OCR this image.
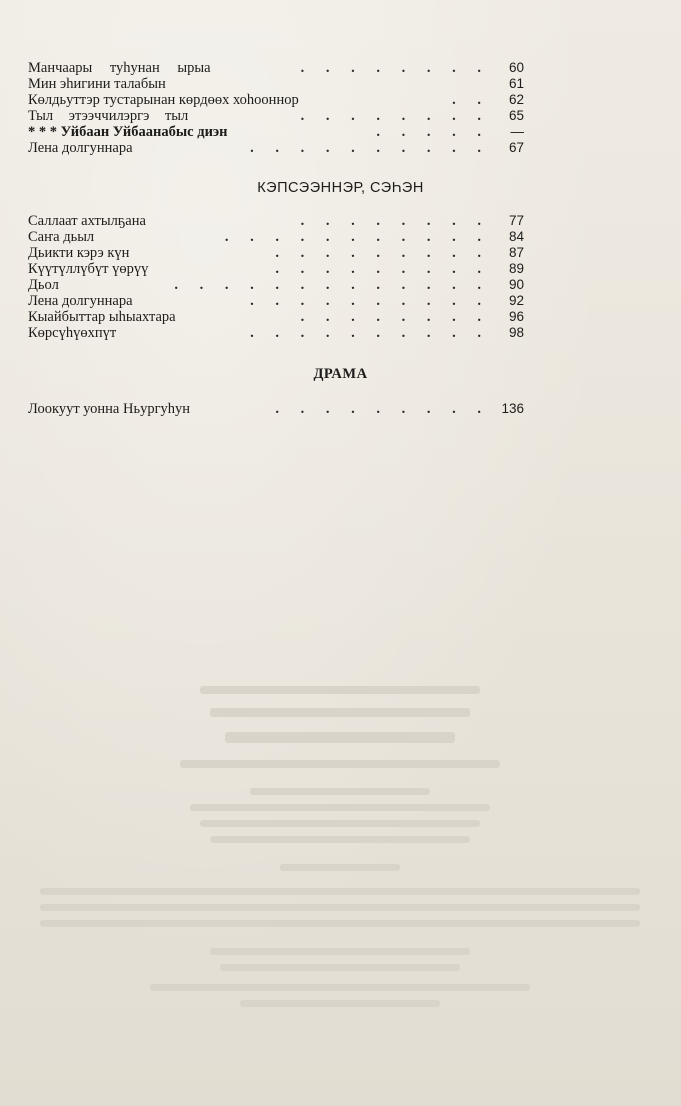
Манчаары туһунан ырыа	. . . . . . . .	60
Мин эһигини талабын	61
Көлдьуттэр тустарынан көрдөөх хоһооннор	. .	62
Тыл этээччилэргэ тыл	. . . . . . . .	65
* * * Уйбаан Уйбаанабыс диэн	. . . . .	—
Лена долгуннара	. . . . . . . . . .	67
КЭПСЭЭННЭР, СЭҺЭН
Саллаат ахтылҕана	. . . . . . . .	77
Саҥа дьыл	. . . . . . . . . . .	84
Дьикти кэрэ күн	. . . . . . . . .	87
Күүтүллүбүт үөрүү	. . . . . . . . .	89
Дьол	. . . . . . . . . . . . .	90
Лена долгуннара	. . . . . . . . . .	92
Кыайбыттар ыһыахтара	. . . . . . . .	96
Көрсүһүөхпүт	. . . . . . . . . .	98
ДРАМА
Лоокуут уонна Ньургуһун	. . . . . . . . . 136
